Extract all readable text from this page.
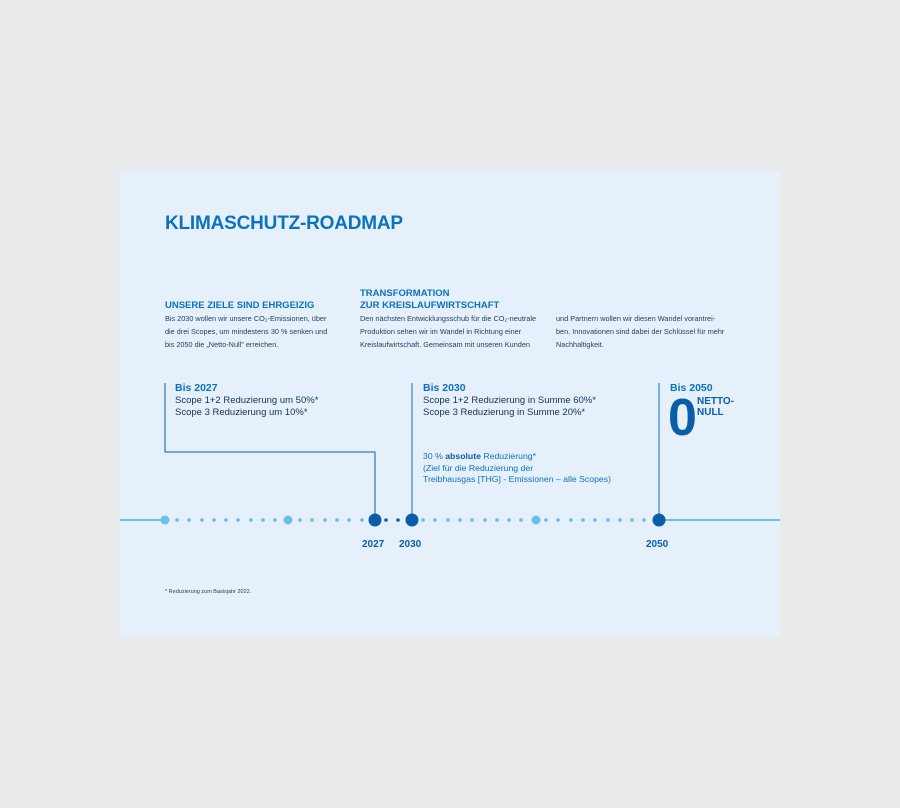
KLIMASCHUTZ-ROADMAP
UNSERE ZIELE SIND EHRGEIZIG
Bis 2030 wollen wir unsere CO₂-Emissionen, über
die drei Scopes, um mindestens 30 % senken und
bis 2050 die „Netto-Null" erreichen.
TRANSFORMATION
ZUR KREISLAUFWIRTSCHAFT
Den nächsten Entwicklungsschub für die CO₂-neutrale
Produktion sehen wir im Wandel in Richtung einer
Kreislaufwirtschaft. Gemeinsam mit unseren Kunden
und Partnern wollen wir diesen Wandel vorantrei-
ben. Innovationen sind dabei der Schlüssel für mehr
Nachhaltigkeit.
Bis 2027
Scope 1+2 Reduzierung um 50%*
Scope 3 Reduzierung um 10%*
Bis 2030
Scope 1+2 Reduzierung in Summe 60%*
Scope 3 Reduzierung in Summe 20%*
30 % absolute Reduzierung*
(Ziel für die Reduzierung der
Treibhausgas [THG] - Emissionen – alle Scopes)
Bis 2050
0 NETTO-
NULL
2027 2030	2050
* Reduzierung zum Basisjahr 2022.
